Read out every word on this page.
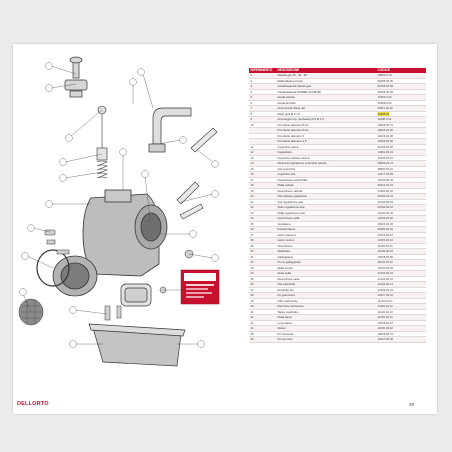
RIFERIMENTO	DESCRIZIONE	CODICE
1	Valvola gas 35 - 40 - 50	19502.5.10
2	Raffreddatore fresco	09155.00.00
3	Cavalcavalvola valvola gas	09155.30.00
4	Cavalcavalvola SPIDER 40 (38/40)	09155.40.00
5	Guida valvola	15466.0.02
6	Guida del tubo	15488.0.02
7	Gola piccolo filetto del	09511.02.02
8	Dado gola Ø 6 x 6	09355.00
9	Ancoraggio reg. (serbatoio) 5,5 Ø 1,5	11888.0.02
10	Kit tubetto diametro 8mm	10026.00.70
	Kit tubetto diametro 6mm	10026.00.80
	Kit tubetto diametro 5	10026.00.90
	Kit tubetto diametro 4,5	10026.00.95
11	Coperchio vasca	02430.00.00
12	Cappellotto	14991.00.10
13	Coperchio valvola minima	10100.00.10
14	Ghiera di regolazione coperchio valvola	09000.20.21
15	Vite coperchio	38990.00.10
16	Coperchio vite	12377.03.00
17	Guarnizione superficiale	10100.00.43
18	Molla valvola	09322.01.01
19	Guarnizione valvola	14390.00.32
20	Vite valvola regolazione	09190.02.01
21	Vite regolazione aria	10100.00.10
22	Spilo regolazione aria	09100.00.10
23	Molla regolazione aria	10100.00.45
24	Guarnizione spillo	10100.00.50
25	Ventilatore	20026.00.00
26	Polverizzatore	09180.00.02
27	Getto massimo	10091.00.10
28	Getto minimo	13150.00.10
29	Guarnizione	11193.00.10
30	Vaschetta	11295.00.03
31	Galleggiante	10026.00.50
32	Perno galleggiante	11002.00.10
33	Spillo conico	10100.00.20
34	Sede spillo	10100.00.34
35	Guarnizione sede	12100.00.10
36	Vite vaschetta	12100.00.12
37	Rondella vite	10100.00.15
38	Kit guarnizioni	10127.00.10
39	Filtro carburante	11144.00.01
40	Raccordo carburante	10110.01.10
41	Tappo vaschetta	11020.40.10
42	Molla tappo	11320.00.10
43	Leva starter	10026.00.10
44	Starter	11620.00.02
45	Kit minuteria	10005.00.70
46	Kit raccordo	10127.00.30
DELLORTO	29
